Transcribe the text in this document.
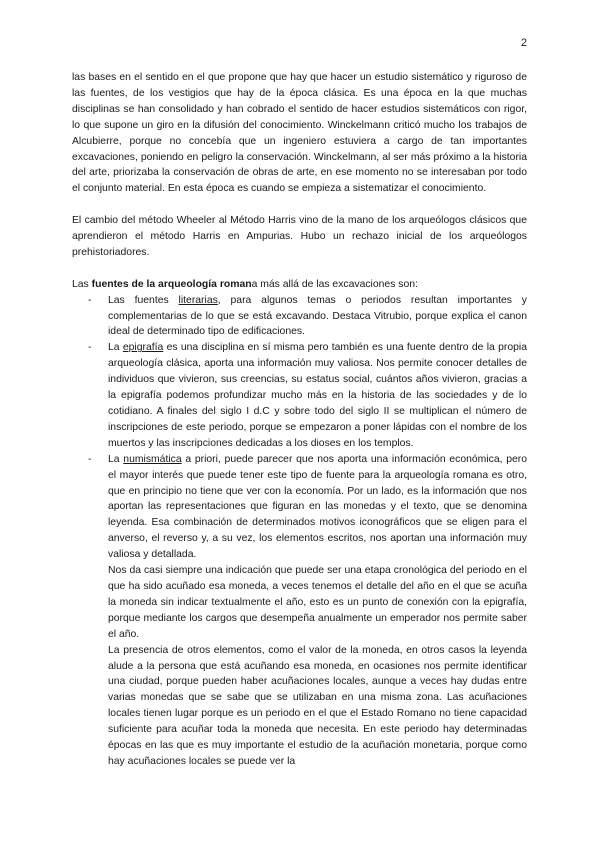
2

las bases en el sentido en el que propone que hay que hacer un estudio sistemático y riguroso de las fuentes, de los vestigios que hay de la época clásica. Es una época en la que muchas disciplinas se han consolidado y han cobrado el sentido de hacer estudios sistemáticos con rigor, lo que supone un giro en la difusión del conocimiento. Winckelmann criticó mucho los trabajos de Alcubierre, porque no concebía que un ingeniero estuviera a cargo de tan importantes excavaciones, poniendo en peligro la conservación. Winckelmann, al ser más próximo a la historia del arte, priorizaba la conservación de obras de arte, en ese momento no se interesaban por todo el conjunto material. En esta época es cuando se empieza a sistematizar el conocimiento.

El cambio del método Wheeler al Método Harris vino de la mano de los arqueólogos clásicos que aprendieron el método Harris en Ampurias. Hubo un rechazo inicial de los arqueólogos prehistoriadores.

Las fuentes de la arqueología romana más allá de las excavaciones son:

- Las fuentes literarias, para algunos temas o periodos resultan importantes y complementarias de lo que se está excavando. Destaca Vitrubio, porque explica el canon ideal de determinado tipo de edificaciones.
- La epigrafía es una disciplina en sí misma pero también es una fuente dentro de la propia arqueología clásica, aporta una información muy valiosa. Nos permite conocer detalles de individuos que vivieron, sus creencias, su estatus social, cuántos años vivieron, gracias a la epigrafía podemos profundizar mucho más en la historia de las sociedades y de lo cotidiano. A finales del siglo I d.C y sobre todo del siglo II se multiplican el número de inscripciones de este periodo, porque se empezaron a poner lápidas con el nombre de los muertos y las inscripciones dedicadas a los dioses en los templos.
- La numismática a priori, puede parecer que nos aporta una información económica, pero el mayor interés que puede tener este tipo de fuente para la arqueología romana es otro, que en principio no tiene que ver con la economía. Por un lado, es la información que nos aportan las representaciones que figuran en las monedas y el texto, que se denomina leyenda. Esa combinación de determinados motivos iconográficos que se eligen para el anverso, el reverso y, a su vez, los elementos escritos, nos aportan una información muy valiosa y detallada.
Nos da casi siempre una indicación que puede ser una etapa cronológica del periodo en el que ha sido acuñado esa moneda, a veces tenemos el detalle del año en el que se acuña la moneda sin indicar textualmente el año, esto es un punto de conexión con la epigrafía, porque mediante los cargos que desempeña anualmente un emperador nos permite saber el año.
La presencia de otros elementos, como el valor de la moneda, en otros casos la leyenda alude a la persona que está acuñando esa moneda, en ocasiones nos permite identificar una ciudad, porque pueden haber acuñaciones locales, aunque a veces hay dudas entre varias monedas que se sabe que se utilizaban en una misma zona. Las acuñaciones locales tienen lugar porque es un periodo en el que el Estado Romano no tiene capacidad suficiente para acuñar toda la moneda que necesita. En este periodo hay determinadas épocas en las que es muy importante el estudio de la acuñación monetaria, porque como hay acuñaciones locales se puede ver la
